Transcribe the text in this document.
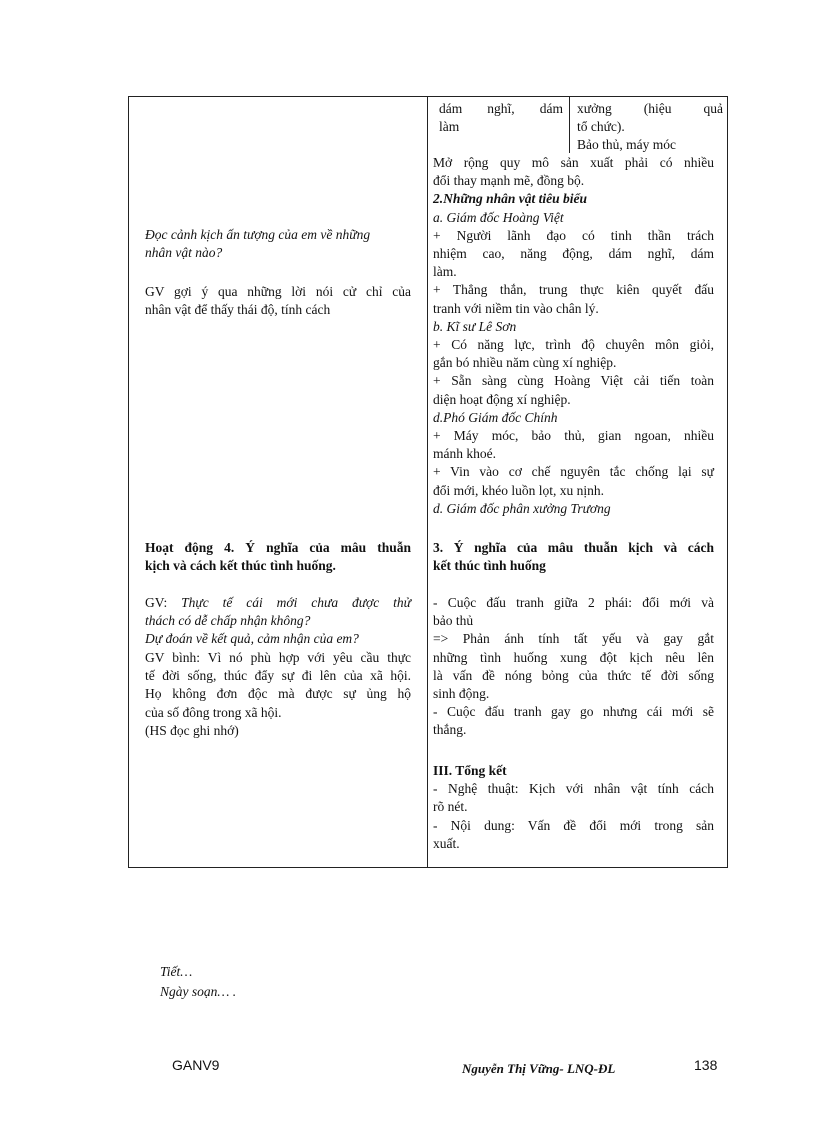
dám nghĩ, dám
làm
xưởng (hiệu quả
tổ chức).
Bảo thủ, máy móc
Đọc cảnh kịch ấn tượng của em về những
nhân vật nào?
GV gợi ý qua những lời nói cử chỉ của
nhân vật để thấy thái độ, tính cách
Hoạt động 4. Ý nghĩa của mâu thuẫn
kịch và cách kết thúc tình huống.
GV: Thực tế cái mới chưa được thử
thách có dễ chấp nhận không?
Dự đoán về kết quả, cảm nhận của em?
GV bình: Vì nó phù hợp với yêu cầu thực
tế đời sống, thúc đẩy sự đi lên của xã hội.
Họ không đơn độc mà được sự ủng hộ
của số đông trong xã hội.
(HS đọc ghi nhớ)
Mở rộng quy mô sản xuất phải có nhiều
đổi thay mạnh mẽ, đồng bộ.
2.Những nhân vật tiêu biểu
a. Giám đốc Hoàng Việt
+ Người lãnh đạo có tinh thần trách
nhiệm cao, năng động, dám nghĩ, dám
làm.
+ Thẳng thắn, trung thực kiên quyết đấu
tranh với niềm tin vào chân lý.
b. Kĩ sư Lê Sơn
+ Có năng lực, trình độ chuyên môn giỏi,
gắn bó nhiều năm cùng xí nghiệp.
+ Sẵn sàng cùng Hoàng Việt cải tiến toàn
diện hoạt động xí nghiệp.
d.Phó Giám đốc Chính
+ Máy móc, bảo thủ, gian ngoan, nhiều
mánh khoé.
+ Vin vào cơ chế nguyên tắc chống lại sự
đổi mới, khéo luồn lọt, xu nịnh.
d. Giám đốc phân xưởng Trương
3. Ý nghĩa của mâu thuẫn kịch và cách
kết thúc tình huống
- Cuộc đấu tranh giữa 2 phái: đổi mới và
bảo thủ
=> Phản ánh tính tất yếu và gay gắt
những tình huống xung đột kịch nêu lên
là vấn đề nóng bỏng của thức tế đời sống
sinh động.
- Cuộc đấu tranh gay go nhưng cái mới sẽ
thắng.
III. Tổng kết
- Nghệ thuật: Kịch với nhân vật tính cách
rõ nét.
- Nội dung: Vấn đề đổi mới trong sản
xuất.
Tiết…
Ngày soạn… .
GANV9	Nguyễn Thị Vững- LNQ-ĐL	138
